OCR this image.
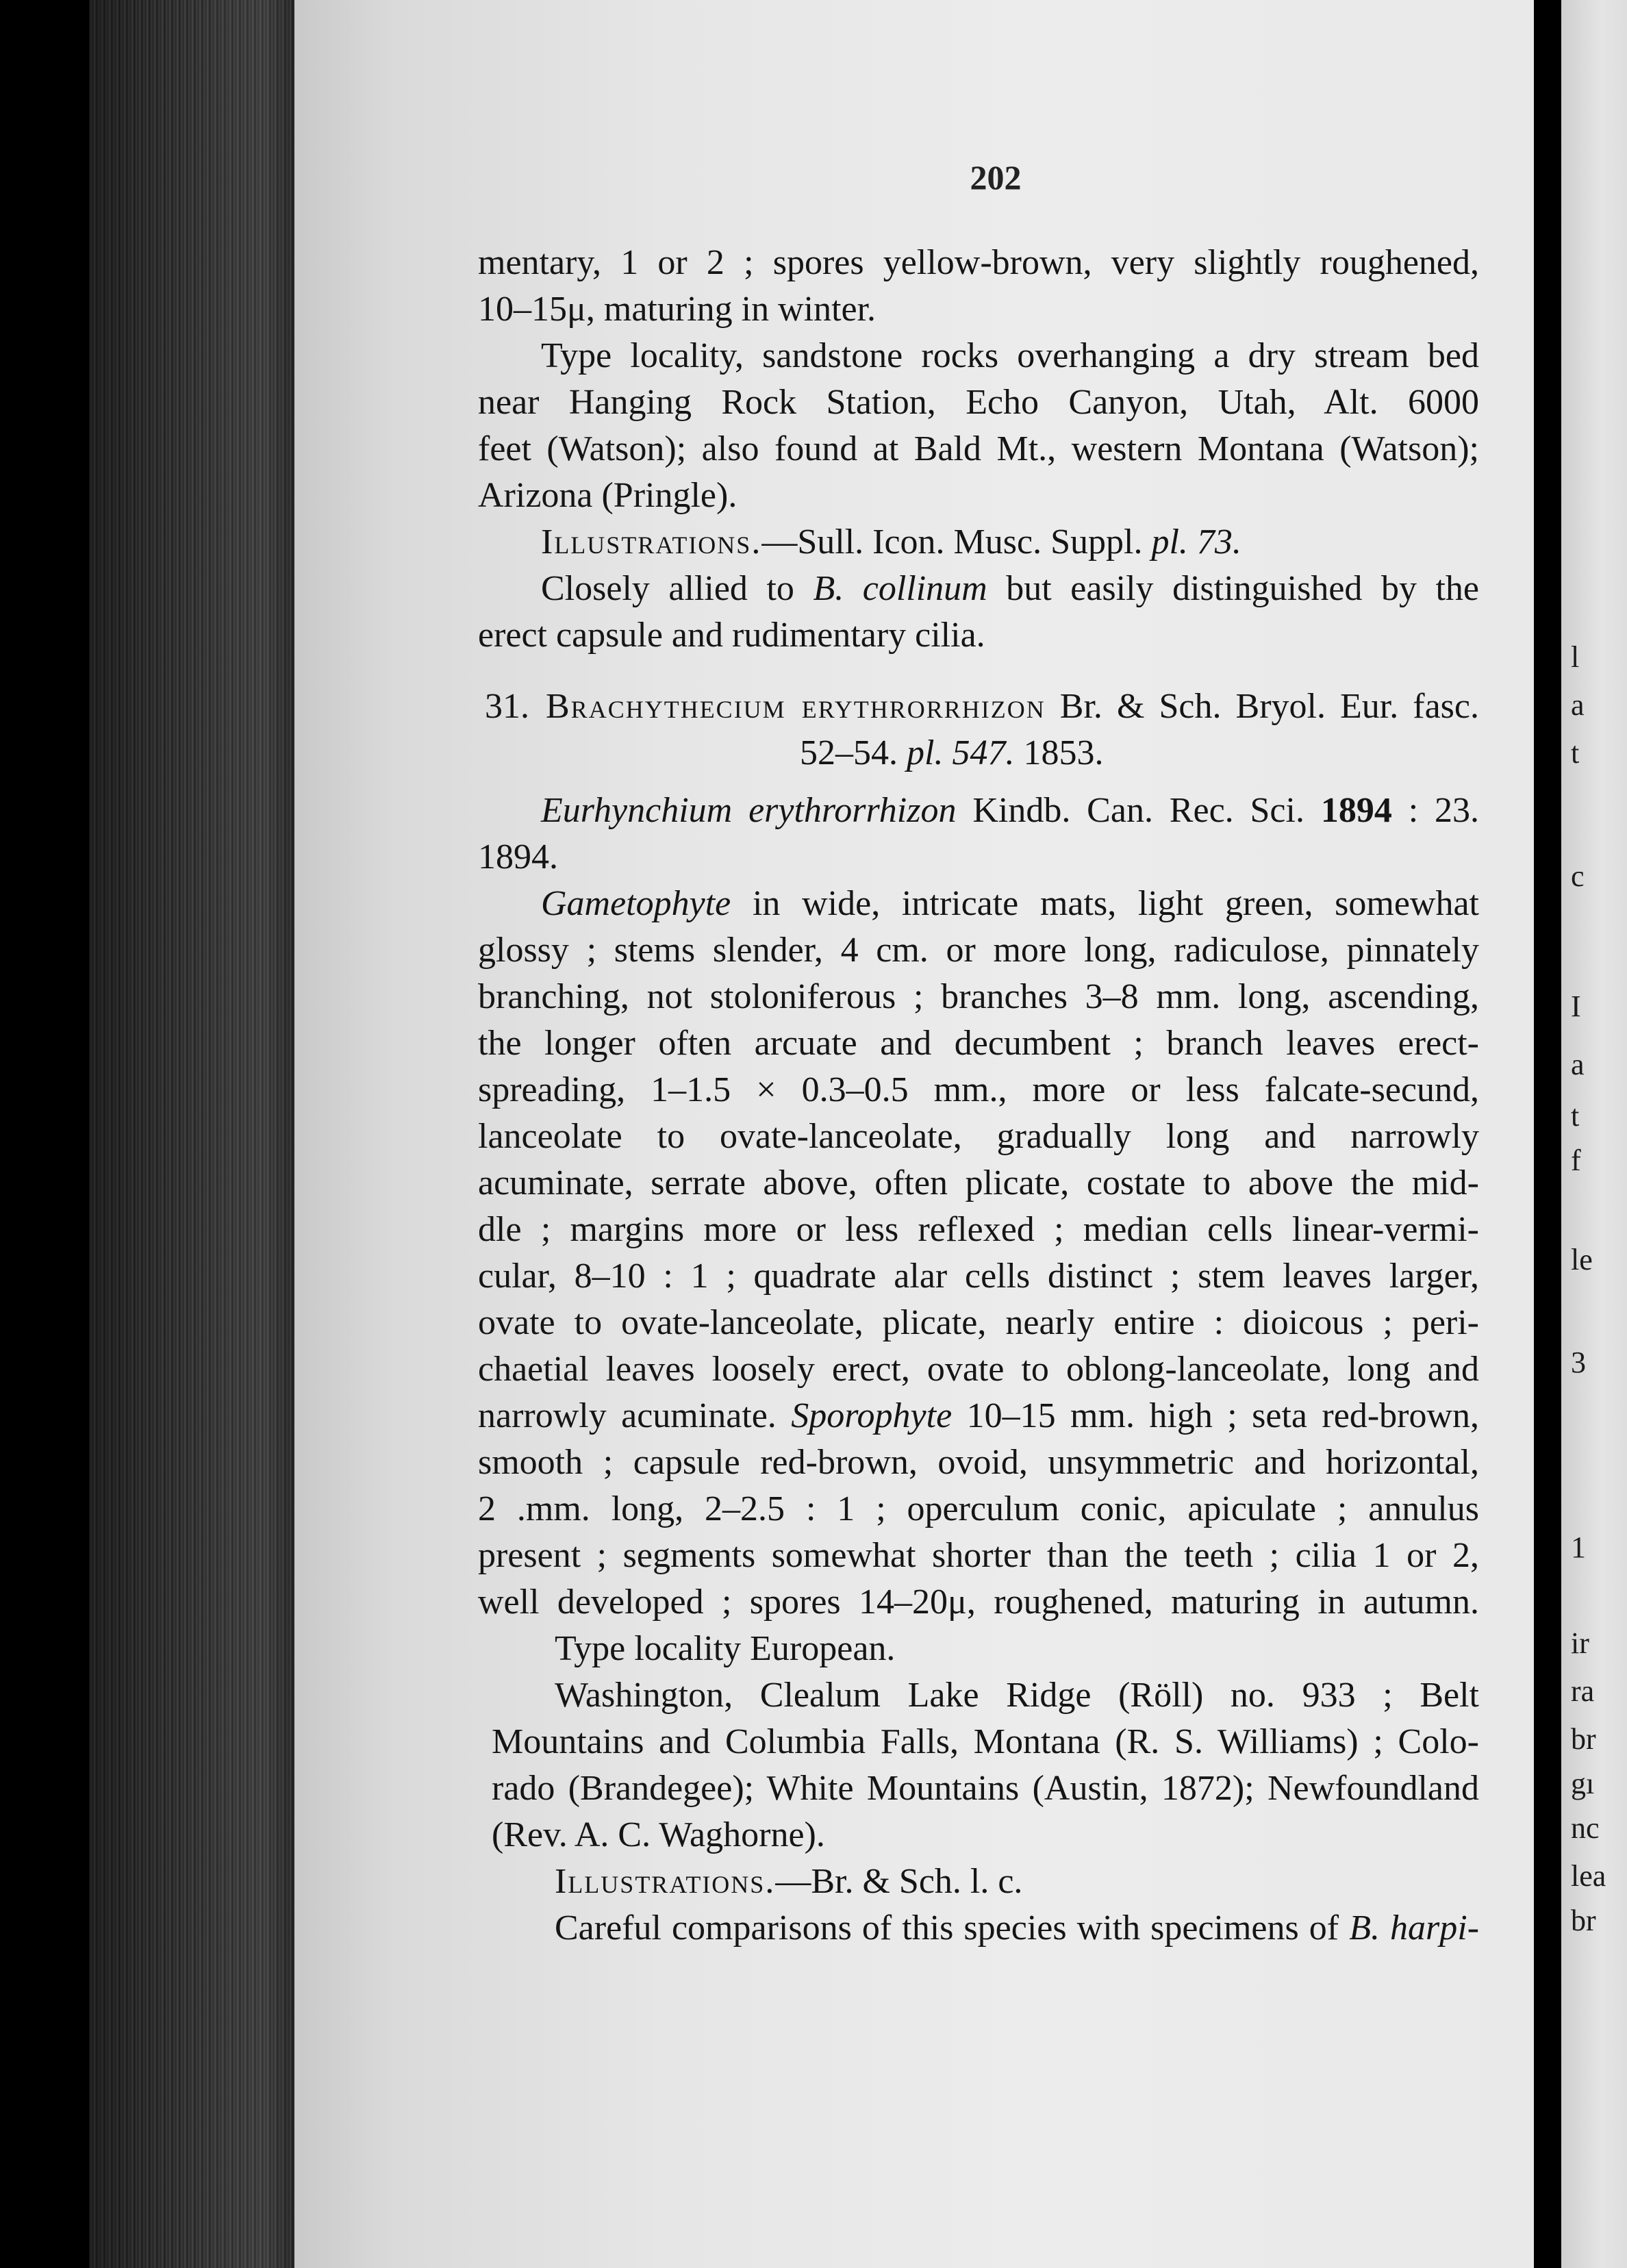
l
a
t
c
I
a
t
f
le
3
1
ir
ra
br
gı
nc
lea
br
202
mentary, 1 or 2 ; spores yellow-brown, very slightly roughened,
10–15μ, maturing in winter.
Type locality, sandstone rocks overhanging a dry stream bed
near Hanging Rock Station, Echo Canyon, Utah, Alt. 6000
feet (Watson); also found at Bald Mt., western Montana (Watson);
Arizona (Pringle).
Illustrations.—Sull. Icon. Musc. Suppl. pl. 73.
Closely allied to B. collinum but easily distinguished by the
erect capsule and rudimentary cilia.
31. Brachythecium erythrorrhizon Br. & Sch. Bryol. Eur. fasc.
52–54. pl. 547. 1853.
Eurhynchium erythrorrhizon Kindb. Can. Rec. Sci. 1894 : 23.
1894.
Gametophyte in wide, intricate mats, light green, somewhat
glossy ; stems slender, 4 cm. or more long, radiculose, pinnately
branching, not stoloniferous ; branches 3–8 mm. long, ascending,
the longer often arcuate and decumbent ; branch leaves erect-
spreading, 1–1.5 × 0.3–0.5 mm., more or less falcate-secund,
lanceolate to ovate-lanceolate, gradually long and narrowly
acuminate, serrate above, often plicate, costate to above the mid-
dle ; margins more or less reflexed ; median cells linear-vermi-
cular, 8–10 : 1 ; quadrate alar cells distinct ; stem leaves larger,
ovate to ovate-lanceolate, plicate, nearly entire : dioicous ; peri-
chaetial leaves loosely erect, ovate to oblong-lanceolate, long and
narrowly acuminate. Sporophyte 10–15 mm. high ; seta red-brown,
smooth ; capsule red-brown, ovoid, unsymmetric and horizontal,
2 .mm. long, 2–2.5 : 1 ; operculum conic, apiculate ; annulus
present ; segments somewhat shorter than the teeth ; cilia 1 or 2,
well developed ; spores 14–20μ, roughened, maturing in autumn.
Type locality European.
Washington, Clealum Lake Ridge (Röll) no. 933 ; Belt
Mountains and Columbia Falls, Montana (R. S. Williams) ; Colo-
rado (Brandegee); White Mountains (Austin, 1872); Newfoundland
(Rev. A. C. Waghorne).
Illustrations.—Br. & Sch. l. c.
Careful comparisons of this species with specimens of B. harpi-
